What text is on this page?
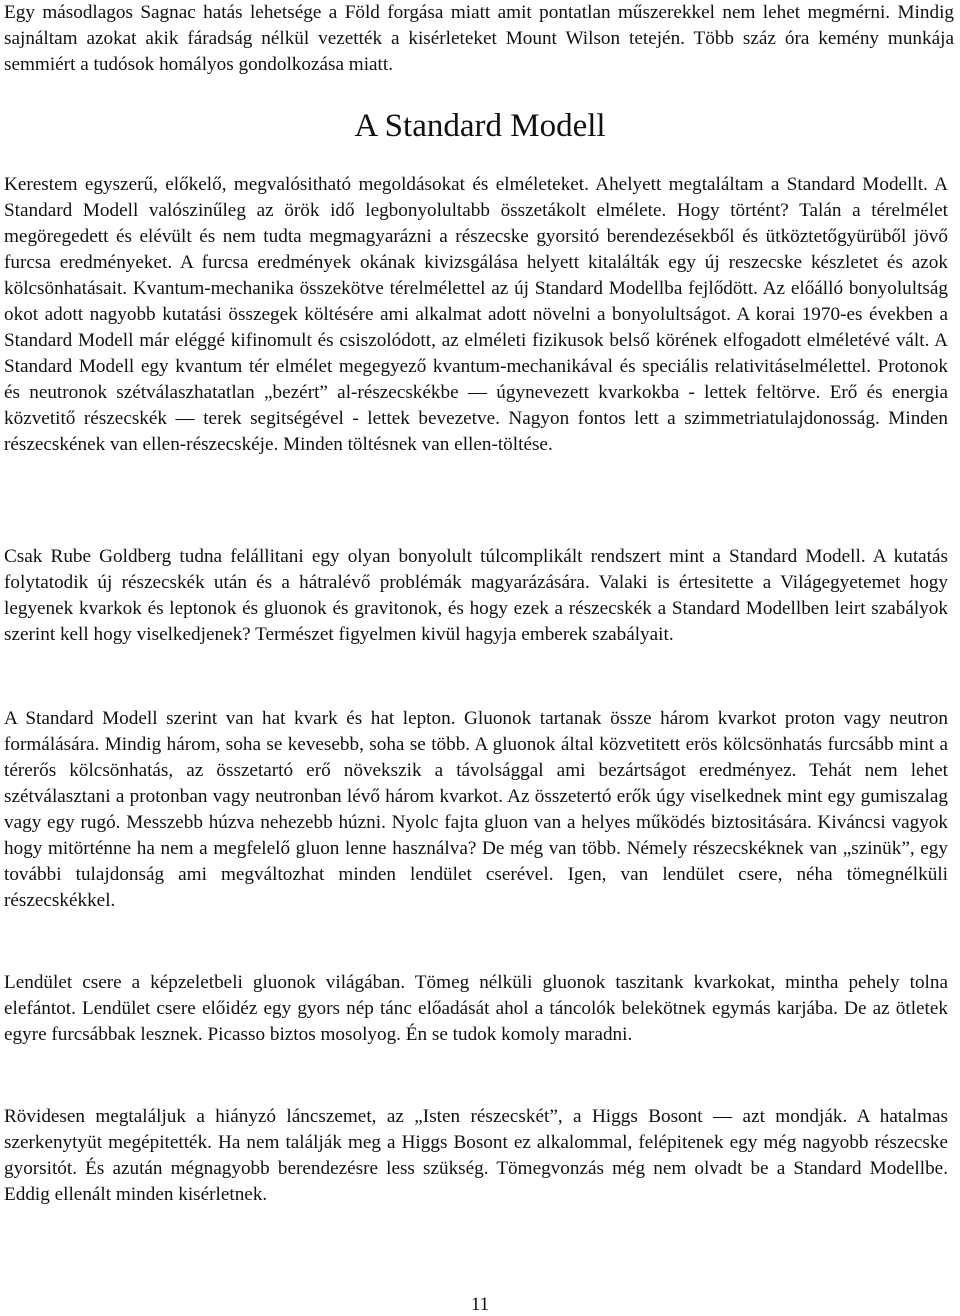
Egy másodlagos Sagnac hatás lehetsége a Föld forgása miatt amit pontatlan műszerekkel nem lehet megmérni. Mindig sajnáltam azokat akik fáradság nélkül vezették a kisérleteket Mount Wilson tetején. Több száz óra kemény munkája semmiért a tudósok homályos gondolkozása miatt.

A Standard Modell

Kerestem egyszerű, előkelő, megvalósitható megoldásokat és elméleteket. Ahelyett megtaláltam a Standard Modellt. A Standard Modell valószinűleg az örök idő legbonyolultabb összetákolt elmélete. Hogy történt? Talán a térelmélet megöregedett és elévült és nem tudta megmagyarázni a részecske gyorsitó berendezésekből és ütköztetőgyürüből jövő furcsa eredményeket. A furcsa eredmények okának kivizsgálása helyett kitalálták egy új reszecske készletet és azok kölcsönhatásait. Kvantum-mechanika összekötve térelmélettel az új Standard Modellba fejlődött. Az előálló bonyolultság okot adott nagyobb kutatási összegek költésére ami alkalmat adott növelni a bonyolultságot. A korai 1970-es években a Standard Modell már eléggé kifinomult és csiszolódott, az elméleti fizikusok belső körének elfogadott elméletévé vált. A Standard Modell egy kvantum tér elmélet megegyező kvantum-mechanikával és speciális relativitáselmélettel. Protonok és neutronok szétválaszhatatlan „bezért” al-részecskékbe — úgynevezett kvarkokba - lettek feltörve. Erő és energia közvetitő részecskék — terek segitségével - lettek bevezetve. Nagyon fontos lett a szimmetriatulajdonosság. Minden részecskének van ellen-részecskéje. Minden töltésnek van ellen-töltése.

Csak Rube Goldberg tudna felállitani egy olyan bonyolult túlcomplikált rendszert mint a Standard Modell. A kutatás folytatodik új részecskék után és a hátralévő problémák magyarázására. Valaki is értesitette a Világegyetemet hogy legyenek kvarkok és leptonok és gluonok és gravitonok, és hogy ezek a részecskék a Standard Modellben leirt szabályok szerint kell hogy viselkedjenek? Természet figyelmen kivül hagyja emberek szabályait.

A Standard Modell szerint van hat kvark és hat lepton. Gluonok tartanak össze három kvarkot proton vagy neutron formálására. Mindig három, soha se kevesebb, soha se több. A gluonok által közvetitett erös kölcsönhatás furcsább mint a térerős kölcsönhatás, az összetartó erő növekszik a távolsággal ami bezártságot eredményez. Tehát nem lehet szétválasztani a protonban vagy neutronban lévő három kvarkot. Az összetertó erők úgy viselkednek mint egy gumiszalag vagy egy rugó. Messzebb húzva nehezebb húzni. Nyolc fajta gluon van a helyes működés biztositására. Kiváncsi vagyok hogy mitörténne ha nem a megfelelő gluon lenne használva? De még van több. Némely részecskéknek van „szinük”, egy további tulajdonság ami megváltozhat minden lendület cserével. Igen, van lendület csere, néha tömegnélküli részecskékkel.

Lendület csere a képzeletbeli gluonok világában. Tömeg nélküli gluonok taszitank kvarkokat, mintha pehely tolna elefántot. Lendület csere előidéz egy gyors nép tánc előadását ahol a táncolók belekötnek egymás karjába. De az ötletek egyre furcsábbak lesznek. Picasso biztos mosolyog. Én se tudok komoly maradni.

Rövidesen megtaláljuk a hiányzó láncszemet, az „Isten részecskét”, a Higgs Bosont — azt mondják. A hatalmas szerkenytyüt megépitették. Ha nem találják meg a Higgs Bosont ez alkalommal, felépitenek egy még nagyobb részecske gyorsitót. És azután mégnagyobb berendezésre less szükség. Tömegvonzás még nem olvadt be a Standard Modellbe. Eddig ellenált minden kisérletnek.

11
